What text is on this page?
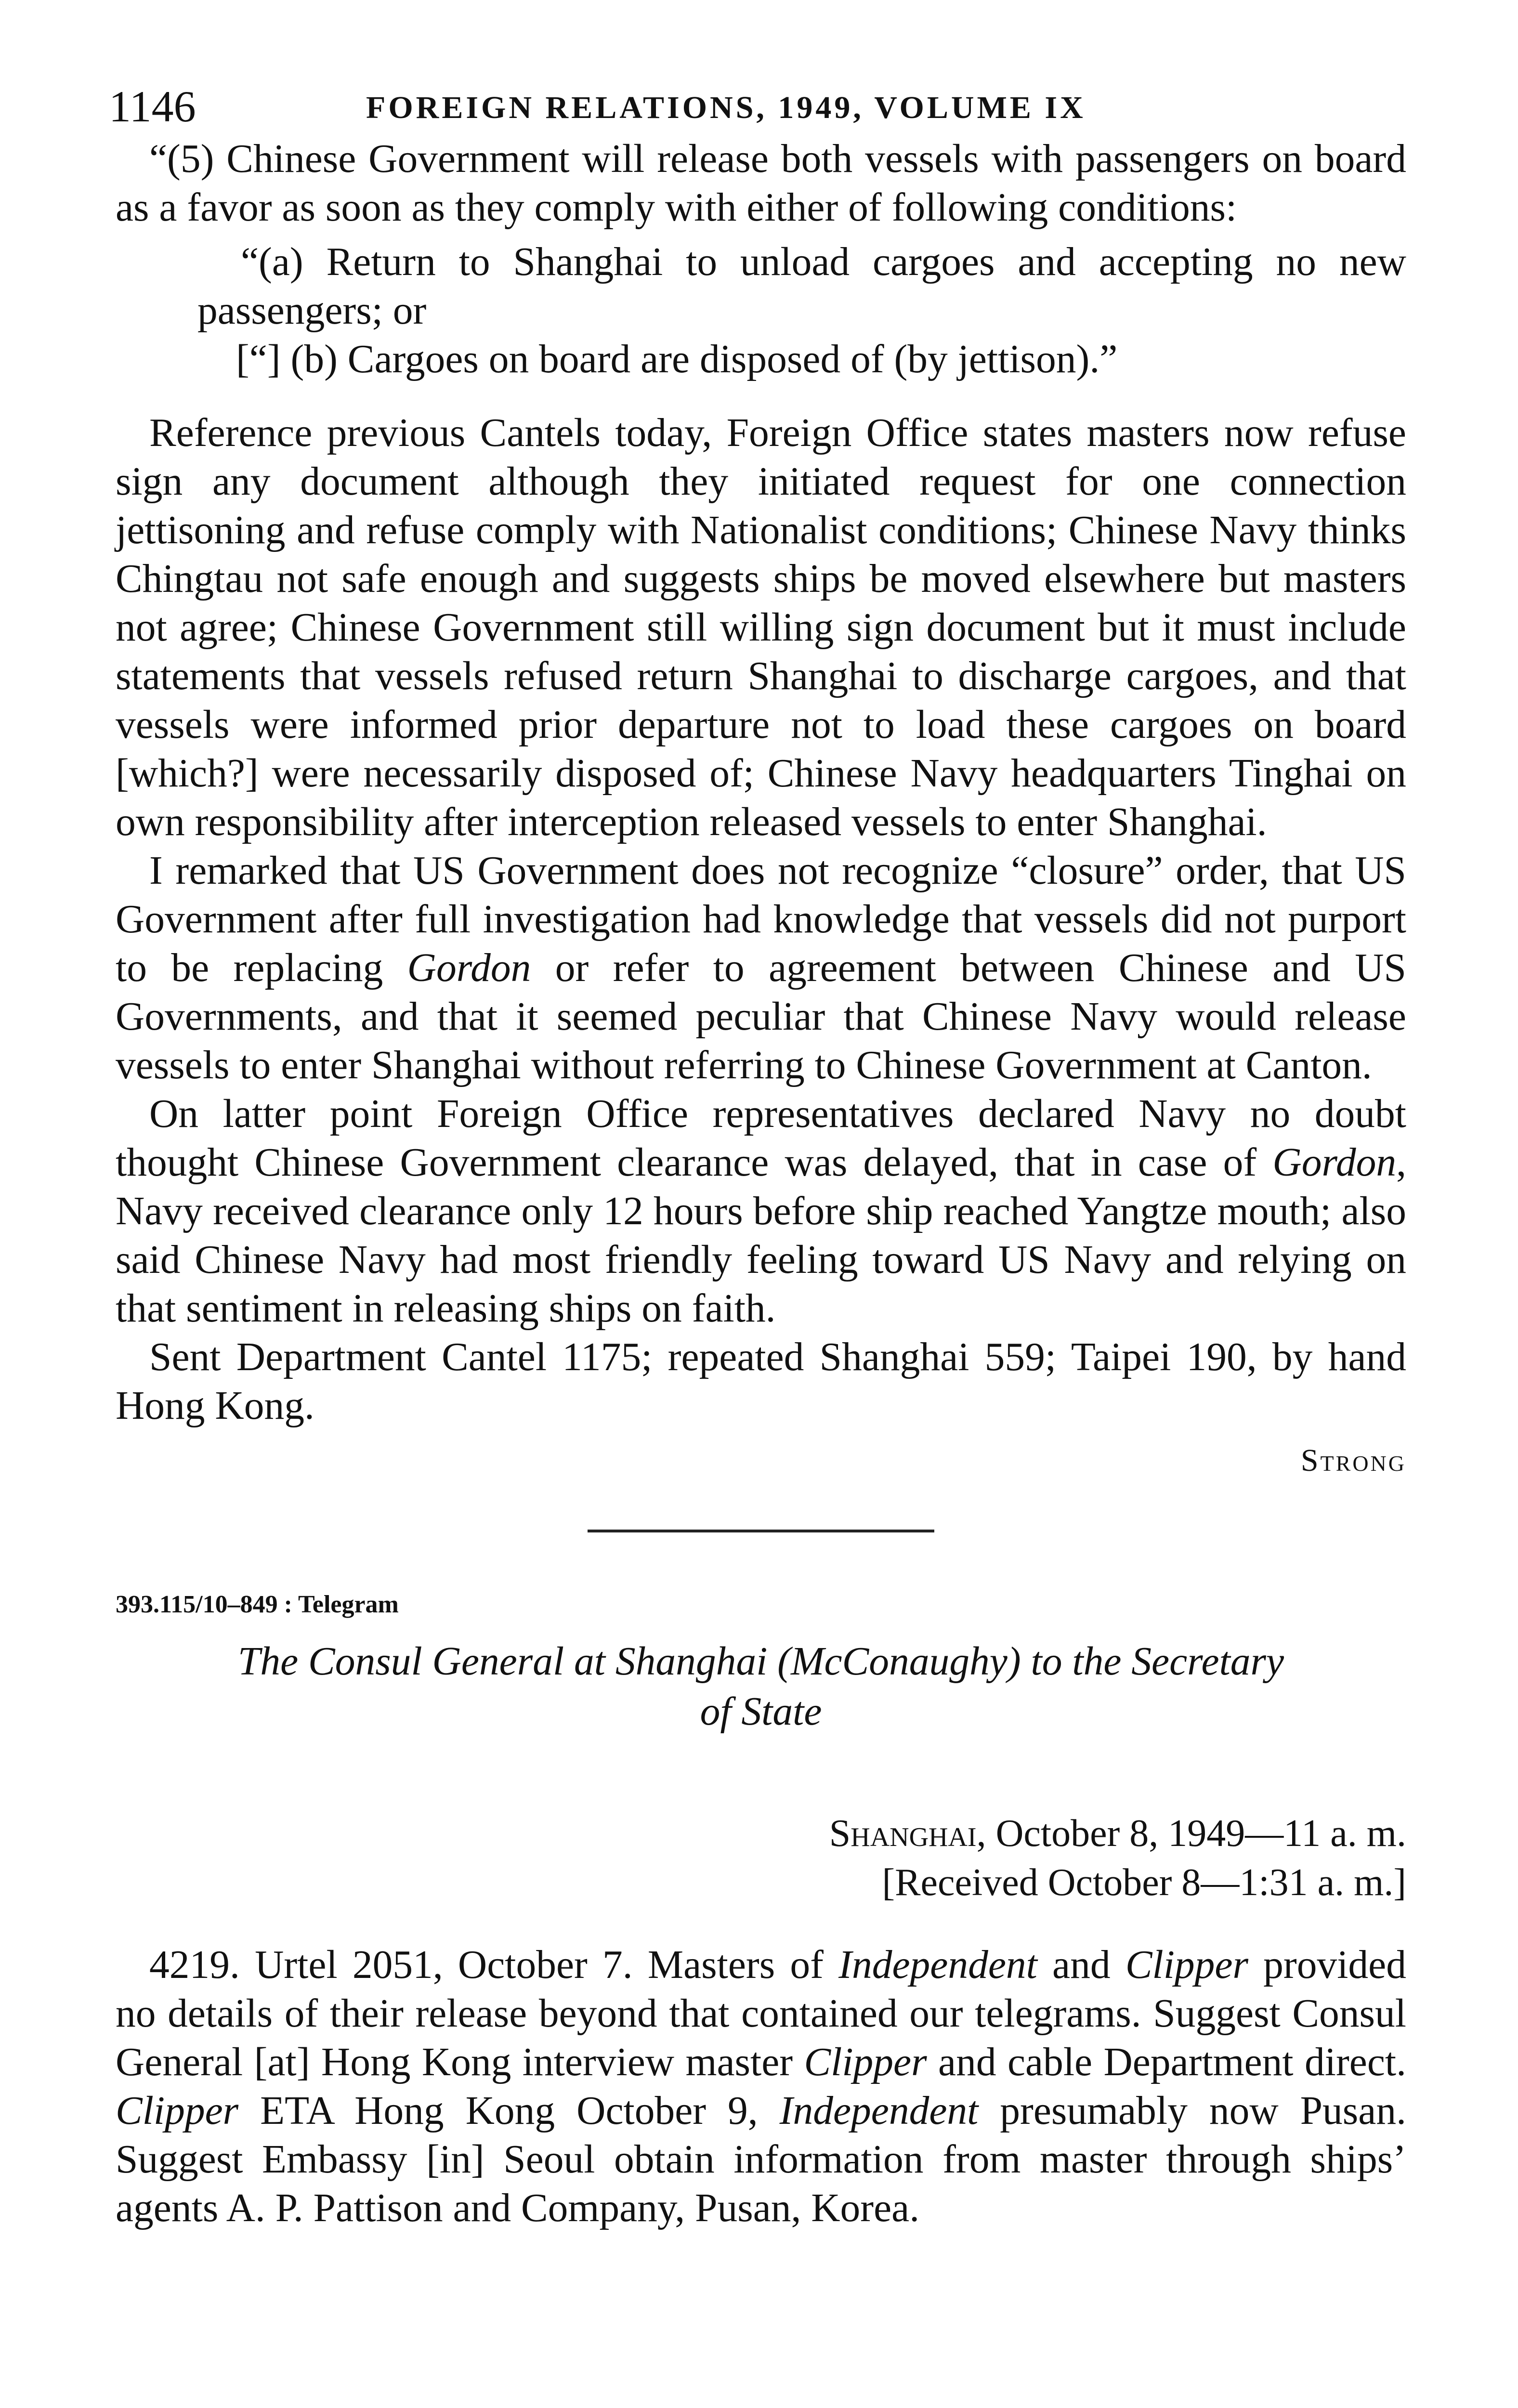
1146	FOREIGN RELATIONS, 1949, VOLUME IX

“(5) Chinese Government will release both vessels with passengers on board as a favor as soon as they comply with either of following conditions:

“(a) Return to Shanghai to unload cargoes and accepting no new passengers; or

[“] (b) Cargoes on board are disposed of (by jettison).”

Reference previous Cantels today, Foreign Office states masters now refuse sign any document although they initiated request for one connection jettisoning and refuse comply with Nationalist conditions; Chinese Navy thinks Chingtau not safe enough and suggests ships be moved elsewhere but masters not agree; Chinese Government still willing sign document but it must include statements that vessels refused return Shanghai to discharge cargoes, and that vessels were informed prior departure not to load these cargoes on board [which?] were necessarily disposed of; Chinese Navy headquarters Tinghai on own responsibility after interception released vessels to enter Shanghai.

I remarked that US Government does not recognize “closure” order, that US Government after full investigation had knowledge that vessels did not purport to be replacing Gordon or refer to agreement between Chinese and US Governments, and that it seemed peculiar that Chinese Navy would release vessels to enter Shanghai without referring to Chinese Government at Canton.

On latter point Foreign Office representatives declared Navy no doubt thought Chinese Government clearance was delayed, that in case of Gordon, Navy received clearance only 12 hours before ship reached Yangtze mouth; also said Chinese Navy had most friendly feeling toward US Navy and relying on that sentiment in releasing ships on faith.

Sent Department Cantel 1175; repeated Shanghai 559; Taipei 190, by hand Hong Kong.

Strong
393.115/10–849 : Telegram
The Consul General at Shanghai (McConaughy) to the Secretary
of State
Shanghai, October 8, 1949—11 a. m.
[Received October 8—1:31 a. m.]

4219. Urtel 2051, October 7. Masters of Independent and Clipper provided no details of their release beyond that contained our telegrams. Suggest Consul General [at] Hong Kong interview master Clipper and cable Department direct. Clipper ETA Hong Kong October 9, Independent presumably now Pusan. Suggest Embassy [in] Seoul obtain information from master through ships’ agents A. P. Pattison and Company, Pusan, Korea.
